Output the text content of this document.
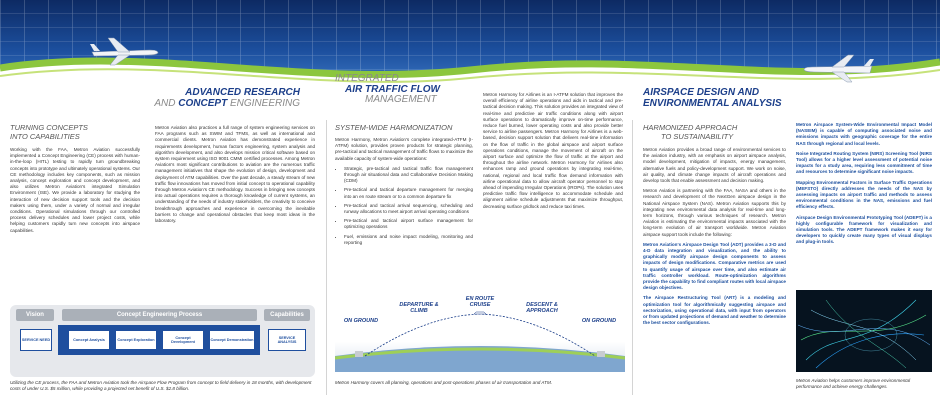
ADVANCED RESEARCH
AND CONCEPT ENGINEERING
TURNING CONCEPTS
INTO CAPABILITIES

Working with the FAA, Metron Aviation successfully implemented a Concept Engineering (CE) process with human-in-the-loop (HITL) testing to rapidly turn groundbreaking concepts into prototype and ultimately operational systems. Our CE methodology includes key components, such as mission analysis, concept exploration and concept development, and also utilizes Metron Aviation's integrated Simulation Environment (ISE). We provide a laboratory for studying the interaction of new decision support tools and the decision makers using them, under a variety of normal and irregular conditions. Operational simulations through our controlled process delivery schedules and lower project costs, while helping customers rapidly turn new concepts into airspace capabilities.

Metron Aviation also practices a full range of system engineering services on FAA programs such as SWIM and TFMS, as well as international and commercial clients. Metron Aviation has demonstrated experience in requirements development, human factors engineering, system analysis and algorithm development, and also develops mission critical software based on system requirement using ISO 9001 CMMI certified processes. Among Metron Aviation's most significant contributions to aviation are the numerous traffic management initiatives that shape the evolution of design, development and deployment of ATM capabilities. Over the past decade, a steady stream of new traffic flow innovations has moved from initial concept to operational capability through Metron Aviation's CE methodology. Success in bringing new concepts into actual operations requires a thorough knowledge of current systems, an understanding of the needs of industry stakeholders, the creativity to conceive breakthrough approaches and experience in overcoming the inevitable barriers to change and operational obstacles that keep most ideas in the laboratory.

Vision	Concept Engineering Process	Capabilities
SERVICE NEED	Concept Analysis	Concept Exploration	Concept Development	Concept Demonstration	SERVICE ANALYSIS
Utilizing the CE process, the FAA and Metron Aviation took the Airspace Flow Program from concept to field delivery in 18 months, with development costs of under U.S. $5 million, while providing a projected net benefit of U.S. $2.8 billion.
INTEGRATED
AIR TRAFFIC FLOW
MANAGEMENT
SYSTEM-WIDE HARMONIZATION

Metron Harmony, Metron Aviation's complete integrated-ATFM (I-ATFM) solution, provides proven products for strategic planning, pre-tactical and tactical management of traffic flows to maximize the available capacity of system-wide operations:

• Strategic, pre-tactical and tactical traffic flow management through air situational data and Collaborative Decision Making (CDM)
• Pre-tactical and tactical departure management for merging into an en route stream or to a common departure fix
• Pre-tactical and tactical arrival sequencing, scheduling and runway allocations to meet airport arrival operating conditions
• Pre-tactical and tactical airport surface management for optimizing operations
• Fuel, emissions and noise impact modeling, monitoring and reporting

Metron Harmony for Airlines is an I-ATFM solution that improves the overall efficiency of airline operations and aids in tactical and pre-tactical decision making. This solution provides an integrated view of real-time and predictive air traffic conditions along with airport surface operations to dramatically improve on-time performance, reduce fuel burned, lower operating costs and also provide better service to airline passengers. Metron Harmony for Airlines is a web-based, decision support solution that delivers real-time information on the flow of traffic in the global airspace and airport surface operations conditions, manage the movement of aircraft on the airport surface and optimize the flow of traffic at the airport and throughout the airline network. Metron Harmony for Airlines also enhances ramp and ground operations by integrating real-time, national, regional and local traffic flow demand information with airline operational data to allow aircraft operator personnel to stay ahead of impending Irregular Operations (IROPs). The solution uses predictive traffic flow intelligence to accommodate schedule and alignment airline schedule adjustments that maximize throughput, decreasing surface gridlock and reduce taxi times.

ON GROUND
DEPARTURE & CLIMB
EN ROUTE CRUISE	DESCENT & APPROACH
ON GROUND
Metron Harmony covers all planning, operations and post-operations phases of air transportation and ATM.
AIRSPACE DESIGN AND
ENVIRONMENTAL ANALYSIS
HARMONIZED APPROACH
TO SUSTAINABILITY

Metron Aviation provides a broad range of environmental services to the aviation industry, with an emphasis on airport airspace analysis, model development, mitigation of impacts, energy management, alternative fuels and policy-development support. We work on noise, air quality, and climate change impacts of aircraft operations and develop tools that enable assessment and decision making.

Metron Aviation is partnering with the FAA, NASA and others in the research and development of the NextGen airspace design in the National Airspace System (NAS). Metron Aviation supports this by integrating new environmental data analysis for real-time and long-term horizons, through various techniques of research. Metron Aviation is estimating the environmental impacts associated with the long-term evolution of air transport worldwide. Metron Aviation airspace support tools include the following:

Metron Aviation's Airspace Design Tool (ADT) provides a 3-D and 4-D data integration and visualization, and the ability to graphically modify airspace design components to assess impacts of design modifications. Comparative metrics are used to quantify usage of airspace over time, and also estimate air traffic controller workload. Route-optimization algorithms provide the capability to find compliant routes with local airspace design objectives.

The Airspace Restructuring Tool (ART) is a modeling and optimization tool for algorithmically suggesting airspace and sectorization, using operational data, with input from operators or from updated projections of demand and weather to determine the best sector configurations.

Metron Airspace System-Wide Environmental Impact Model (NASEIM) is capable of computing associated noise and emissions impacts with geographic coverage for the entire NAS through regional and local levels.

Noise Integrated Routing System (NIRS) Screening Tool (NIRS Tool) allows for a higher level assessment of potential noise impacts for a study area, requiring less commitment of time and resources to determine significant noise impacts.

Mapping Environmental Factors in Surface Traffic Operations (MEFSTO) directly addresses the needs of the NAS by assessing impacts on airport traffic and methods to assess environmental conditions in the NAS, emissions and fuel efficiency effects.

Airspace Design Environmental Prototyping Tool (ADEPT) is a highly configurable framework for visualization and simulation tools. The ADEPT framework makes it easy for developers to quickly create many types of visual displays and plug-in tools.

Metron Aviation helps customers improve environmental performance and achieve energy challenges.
